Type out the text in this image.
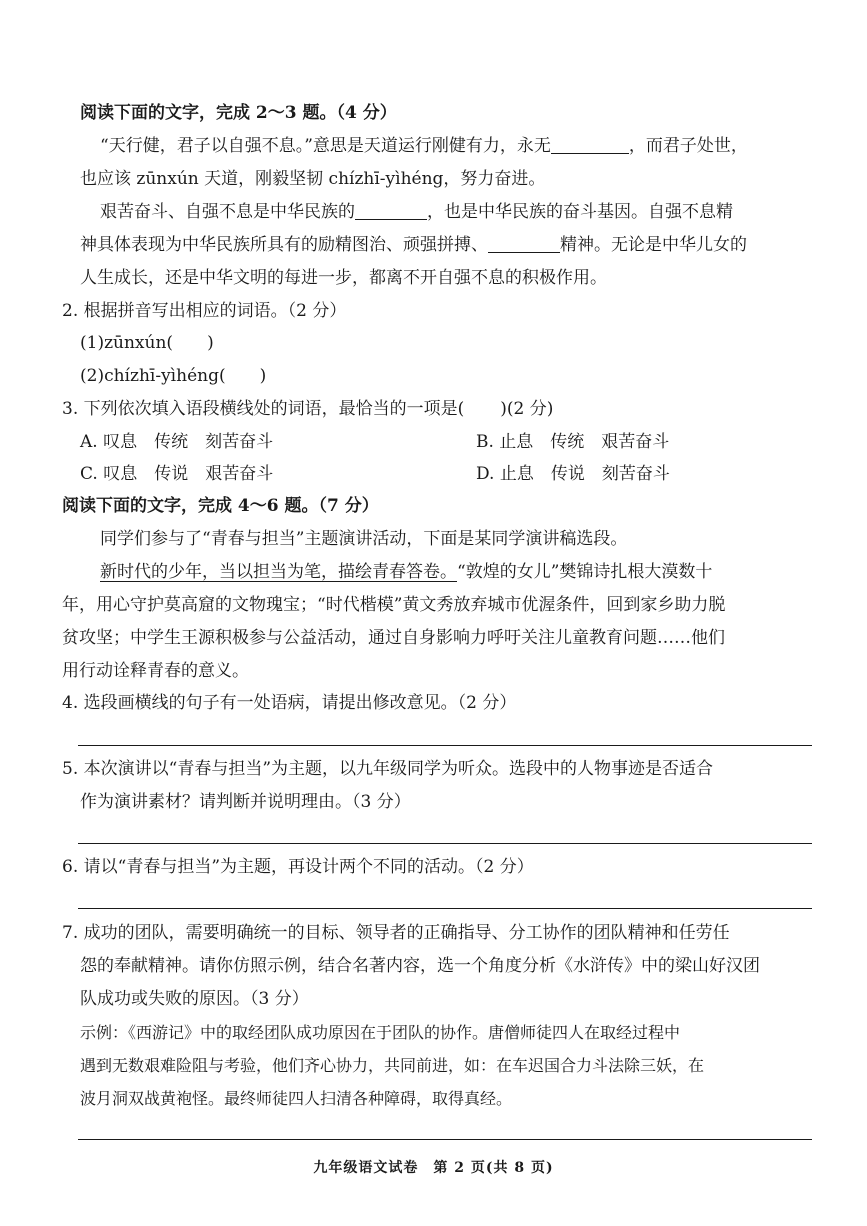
阅读下面的文字，完成 2～3 题。（4 分）
“天行健，君子以自强不息。”意思是天道运行刚健有力，永无	，而君子处世，
也应该 zūnxún 天道，刚毅坚韧 chízhī-yìhéng，努力奋进。
艰苦奋斗、自强不息是中华民族的	，也是中华民族的奋斗基因。自强不息精
神具体表现为中华民族所具有的励精图治、顽强拼搏、	精神。无论是中华儿女的
人生成长，还是中华文明的每进一步，都离不开自强不息的积极作用。
2. 根据拼音写出相应的词语。（2 分）
(1)zūnxún( )
(2)chízhī-yìhéng( )
3. 下列依次填入语段横线处的词语，最恰当的一项是( )(2 分)
A. 叹息　传统　刻苦奋斗	B. 止息　传统　艰苦奋斗
C. 叹息　传说　艰苦奋斗	D. 止息　传说　刻苦奋斗
阅读下面的文字，完成 4～6 题。（7 分）
同学们参与了“青春与担当”主题演讲活动，下面是某同学演讲稿选段。
新时代的少年，当以担当为笔，描绘青春答卷。“敦煌的女儿”樊锦诗扎根大漠数十
年，用心守护莫高窟的文物瑰宝；“时代楷模”黄文秀放弃城市优渥条件，回到家乡助力脱
贫攻坚；中学生王源积极参与公益活动，通过自身影响力呼吁关注儿童教育问题……他们
用行动诠释青春的意义。
4. 选段画横线的句子有一处语病，请提出修改意见。（2 分）
5. 本次演讲以“青春与担当”为主题，以九年级同学为听众。选段中的人物事迹是否适合
作为演讲素材？请判断并说明理由。（3 分）
6. 请以“青春与担当”为主题，再设计两个不同的活动。（2 分）
7. 成功的团队，需要明确统一的目标、领导者的正确指导、分工协作的团队精神和任劳任
怨的奉献精神。请你仿照示例，结合名著内容，选一个角度分析《水浒传》中的梁山好汉团
队成功或失败的原因。（3 分）
示例：《西游记》中的取经团队成功原因在于团队的协作。唐僧师徒四人在取经过程中
遇到无数艰难险阻与考验，他们齐心协力，共同前进，如：在车迟国合力斗法除三妖，在
波月洞双战黄袍怪。最终师徒四人扫清各种障碍，取得真经。
九年级语文试卷　第 2 页(共 8 页)
